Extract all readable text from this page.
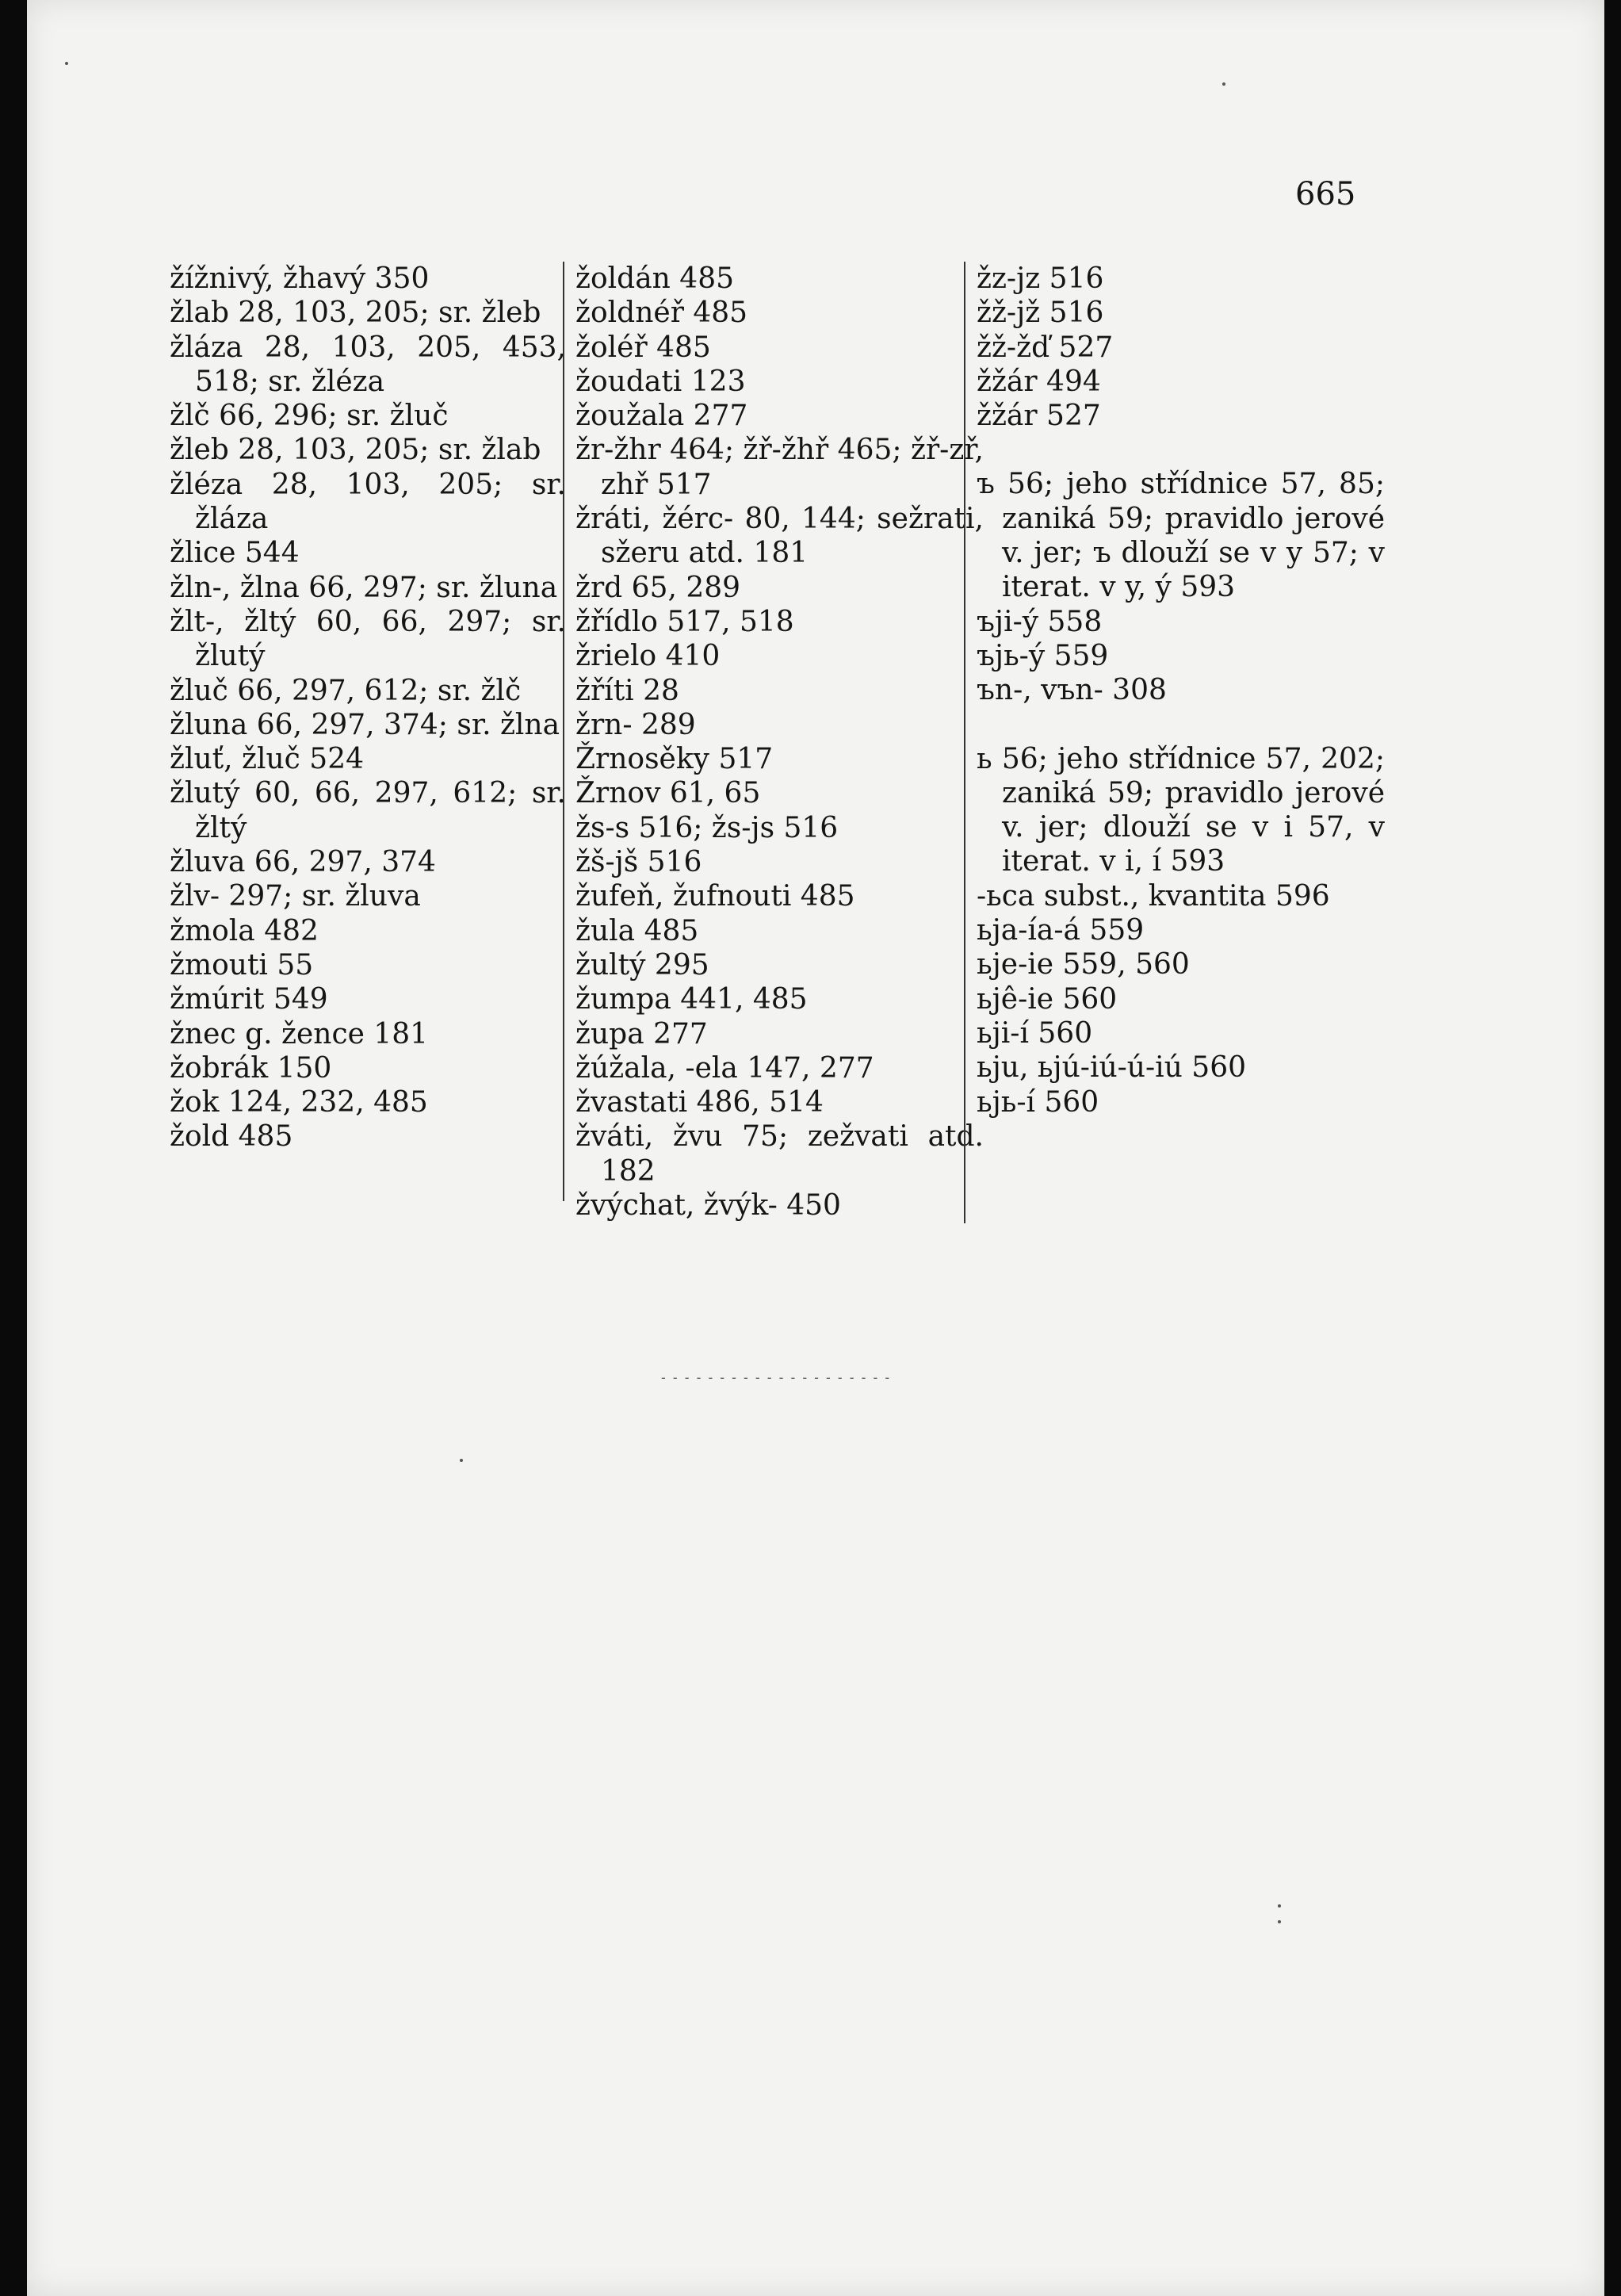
665
žížnivý, žhavý 350
žlab 28, 103, 205; sr. žleb
žláza 28, 103, 205, 453, 518; sr. žléza
žlč 66, 296; sr. žluč
žleb 28, 103, 205; sr. žlab
žléza 28, 103, 205; sr. žláza
žlice 544
žln-, žlna 66, 297; sr. žluna
žlt-, žltý 60, 66, 297; sr. žlutý
žluč 66, 297, 612; sr. žlč
žluna 66, 297, 374; sr. žlna
žluť, žluč 524
žlutý 60, 66, 297, 612; sr. žltý
žluva 66, 297, 374
žlv- 297; sr. žluva
žmola 482
žmouti 55
žmúrit 549
žnec g. žence 181
žobrák 150
žok 124, 232, 485
žold 485
žoldán 485
žoldnéř 485
žoléř 485
žoudati 123
žoužala 277
žr-žhr 464; žř-žhř 465; žř-zř, zhř 517
žráti, žérc- 80, 144; sežrati, sžeru atd. 181
žrd 65, 289
žřídlo 517, 518
žrielo 410
žříti 28
žrn- 289
Žrnosěky 517
Žrnov 61, 65
žs-s 516; žs-js 516
žš-jš 516
žufeň, žufnouti 485
žula 485
žultý 295
žumpa 441, 485
župa 277
žúžala, -ela 147, 277
žvastati 486, 514
žváti, žvu 75; zežvati atd. 182
žvýchat, žvýk- 450
žz-jz 516
žž-jž 516
žž-žď 527
žžár 494
žžár 527
ъ 56; jeho střídnice 57, 85; zaniká 59; pravidlo jerové v. jer; ъ dlouží se v y 57; v iterat. v y, ý 593
ъji-ý 558
ъjь-ý 559
ъn-, vъn- 308
ь 56; jeho střídnice 57, 202; zaniká 59; pravidlo jerové v. jer; dlouží se v i 57, v iterat. v i, í 593
-ьca subst., kvantita 596
ьja-ía-á 559
ьje-ie 559, 560
ьjê-ie 560
ьji-í 560
ьju, ьjú-iú-ú-iú 560
ьjь-í 560
- - - - - - - - - - - - - - - - - - - -
